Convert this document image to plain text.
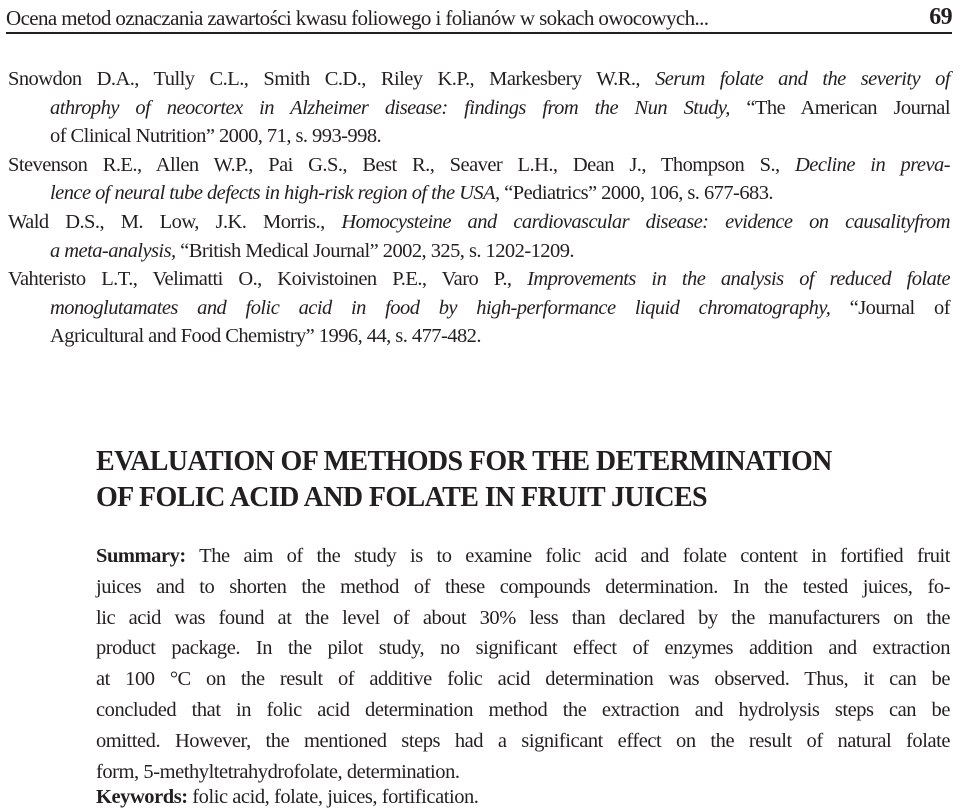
Ocena metod oznaczania zawartości kwasu foliowego i folianów w sokach owocowych...	69
Snowdon D.A., Tully C.L., Smith C.D., Riley K.P., Markesbery W.R., Serum folate and the severity of
athrophy of neocortex in Alzheimer disease: findings from the Nun Study, “The American Journal
of Clinical Nutrition” 2000, 71, s. 993-998.
Stevenson R.E., Allen W.P., Pai G.S., Best R., Seaver L.H., Dean J., Thompson S., Decline in preva-
lence of neural tube defects in high-risk region of the USA, “Pediatrics” 2000, 106, s. 677-683.
Wald D.S., M. Low, J.K. Morris., Homocysteine and cardiovascular disease: evidence on causalityfrom
a meta-analysis, “British Medical Journal” 2002, 325, s. 1202-1209.
Vahteristo L.T., Velimatti O., Koivistoinen P.E., Varo P., Improvements in the analysis of reduced folate
monoglutamates and folic acid in food by high-performance liquid chromatography, “Journal of
Agricultural and Food Chemistry” 1996, 44, s. 477-482.
EVALUATION OF METHODS FOR THE DETERMINATION
OF FOLIC ACID AND FOLATE IN FRUIT JUICES
Summary: The aim of the study is to examine folic acid and folate content in fortified fruit
juices and to shorten the method of these compounds determination. In the tested juices, fo-
lic acid was found at the level of about 30% less than declared by the manufacturers on the
product package. In the pilot study, no significant effect of enzymes addition and extraction
at 100 °C on the result of additive folic acid determination was observed. Thus, it can be
concluded that in folic acid determination method the extraction and hydrolysis steps can be
omitted. However, the mentioned steps had a significant effect on the result of natural folate
form, 5-methyltetrahydrofolate, determination.
Keywords: folic acid, folate, juices, fortification.
